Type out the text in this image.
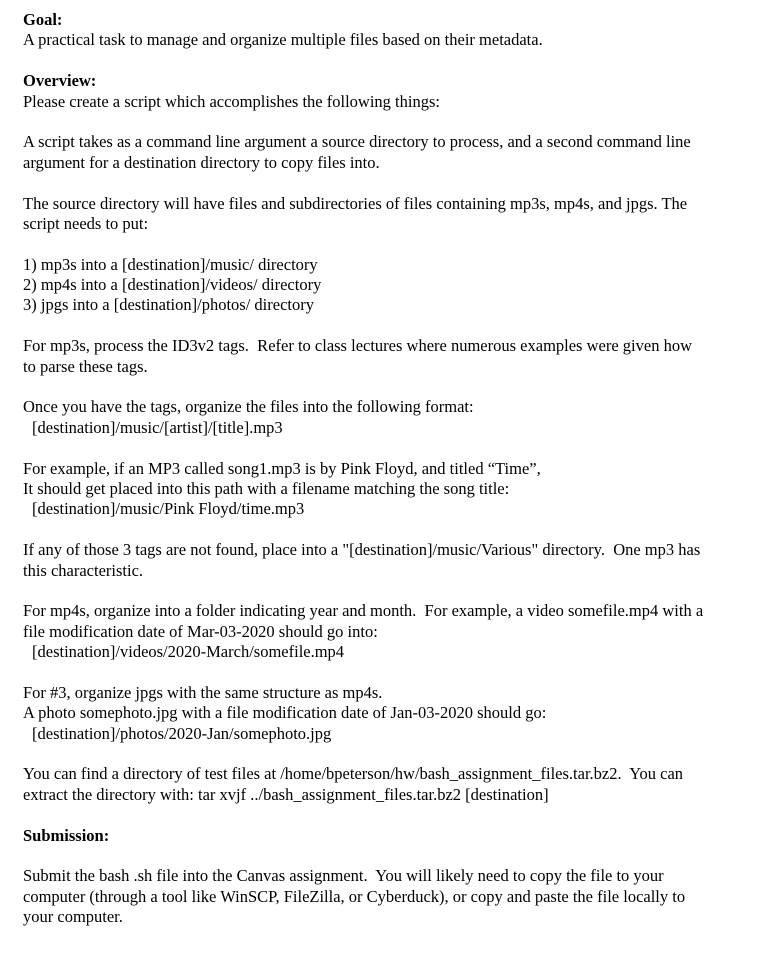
Goal:
A practical task to manage and organize multiple files based on their metadata.
Overview:
Please create a script which accomplishes the following things:
A script takes as a command line argument a source directory to process, and a second command line
argument for a destination directory to copy files into.
The source directory will have files and subdirectories of files containing mp3s, mp4s, and jpgs. The
script needs to put:
1) mp3s into a [destination]/music/ directory
2) mp4s into a [destination]/videos/ directory
3) jpgs into a [destination]/photos/ directory
For mp3s, process the ID3v2 tags.  Refer to class lectures where numerous examples were given how
to parse these tags.
Once you have the tags, organize the files into the following format:
[destination]/music/[artist]/[title].mp3
For example, if an MP3 called song1.mp3 is by Pink Floyd, and titled “Time”,
It should get placed into this path with a filename matching the song title:
[destination]/music/Pink Floyd/time.mp3
If any of those 3 tags are not found, place into a "[destination]/music/Various" directory.  One mp3 has
this characteristic.
For mp4s, organize into a folder indicating year and month.  For example, a video somefile.mp4 with a
file modification date of Mar-03-2020 should go into:
[destination]/videos/2020-March/somefile.mp4
For #3, organize jpgs with the same structure as mp4s.
A photo somephoto.jpg with a file modification date of Jan-03-2020 should go:
[destination]/photos/2020-Jan/somephoto.jpg
You can find a directory of test files at /home/bpeterson/hw/bash_assignment_files.tar.bz2.  You can
extract the directory with: tar xvjf ../bash_assignment_files.tar.bz2 [destination]
Submission:
Submit the bash .sh file into the Canvas assignment.  You will likely need to copy the file to your
computer (through a tool like WinSCP, FileZilla, or Cyberduck), or copy and paste the file locally to
your computer.
